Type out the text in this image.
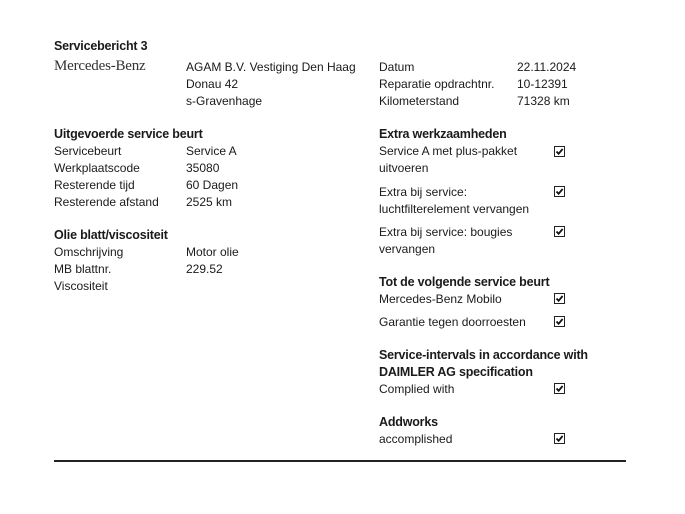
Servicebericht 3
Mercedes-Benz	AGAM B.V. Vestiging Den Haag
Donau 42
s-Gravenhage
Datum	22.11.2024
Reparatie opdrachtnr. 10-12391
Kilometerstand	71328 km
Uitgevoerde service beurt
Servicebeurt	Service A
Werkplaatscode	35080
Resterende tijd	60 Dagen
Resterende afstand 2525 km
Olie blatt/viscositeit
Omschrijving	Motor olie
MB blattnr.	229.52
Viscositeit
Extra werkzaamheden
Service A met plus-pakket
uitvoeren
Extra bij service:
luchtfilterelement vervangen
Extra bij service: bougies
vervangen
Tot de volgende service beurt
Mercedes-Benz Mobilo
Garantie tegen doorroesten
Service-intervals in accordance with
DAIMLER AG specification
Complied with
Addworks
accomplished
